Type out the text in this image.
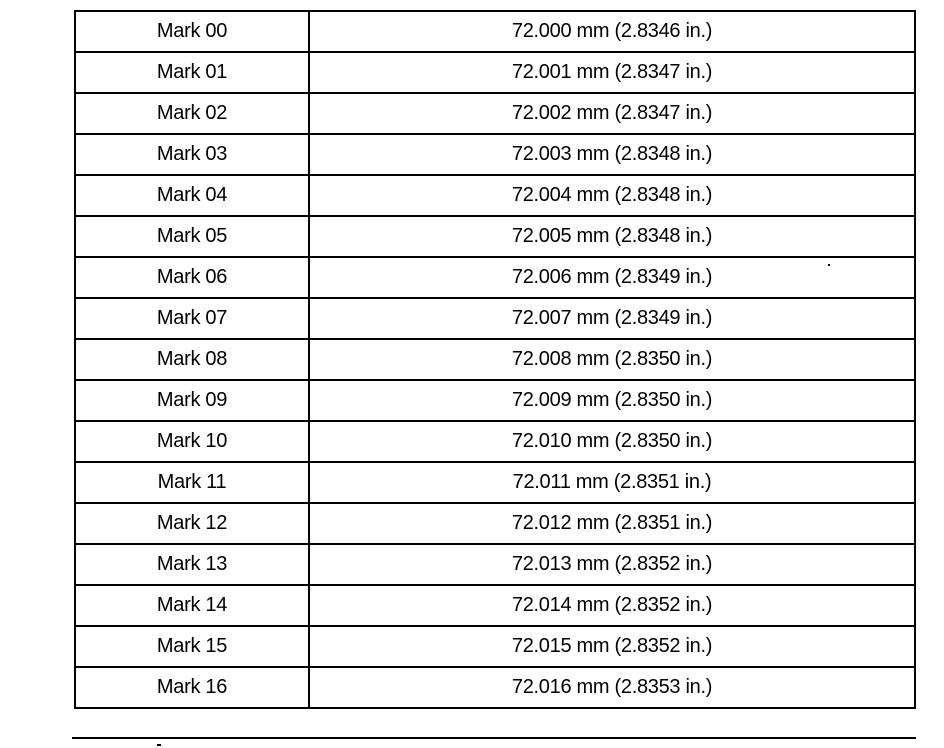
Mark 00	72.000 mm (2.8346 in.)
Mark 01	72.001 mm (2.8347 in.)
Mark 02	72.002 mm (2.8347 in.)
Mark 03	72.003 mm (2.8348 in.)
Mark 04	72.004 mm (2.8348 in.)
Mark 05	72.005 mm (2.8348 in.)
Mark 06	72.006 mm (2.8349 in.)
Mark 07	72.007 mm (2.8349 in.)
Mark 08	72.008 mm (2.8350 in.)
Mark 09	72.009 mm (2.8350 in.)
Mark 10	72.010 mm (2.8350 in.)
Mark 11	72.011 mm (2.8351 in.)
Mark 12	72.012 mm (2.8351 in.)
Mark 13	72.013 mm (2.8352 in.)
Mark 14	72.014 mm (2.8352 in.)
Mark 15	72.015 mm (2.8352 in.)
Mark 16	72.016 mm (2.8353 in.)
